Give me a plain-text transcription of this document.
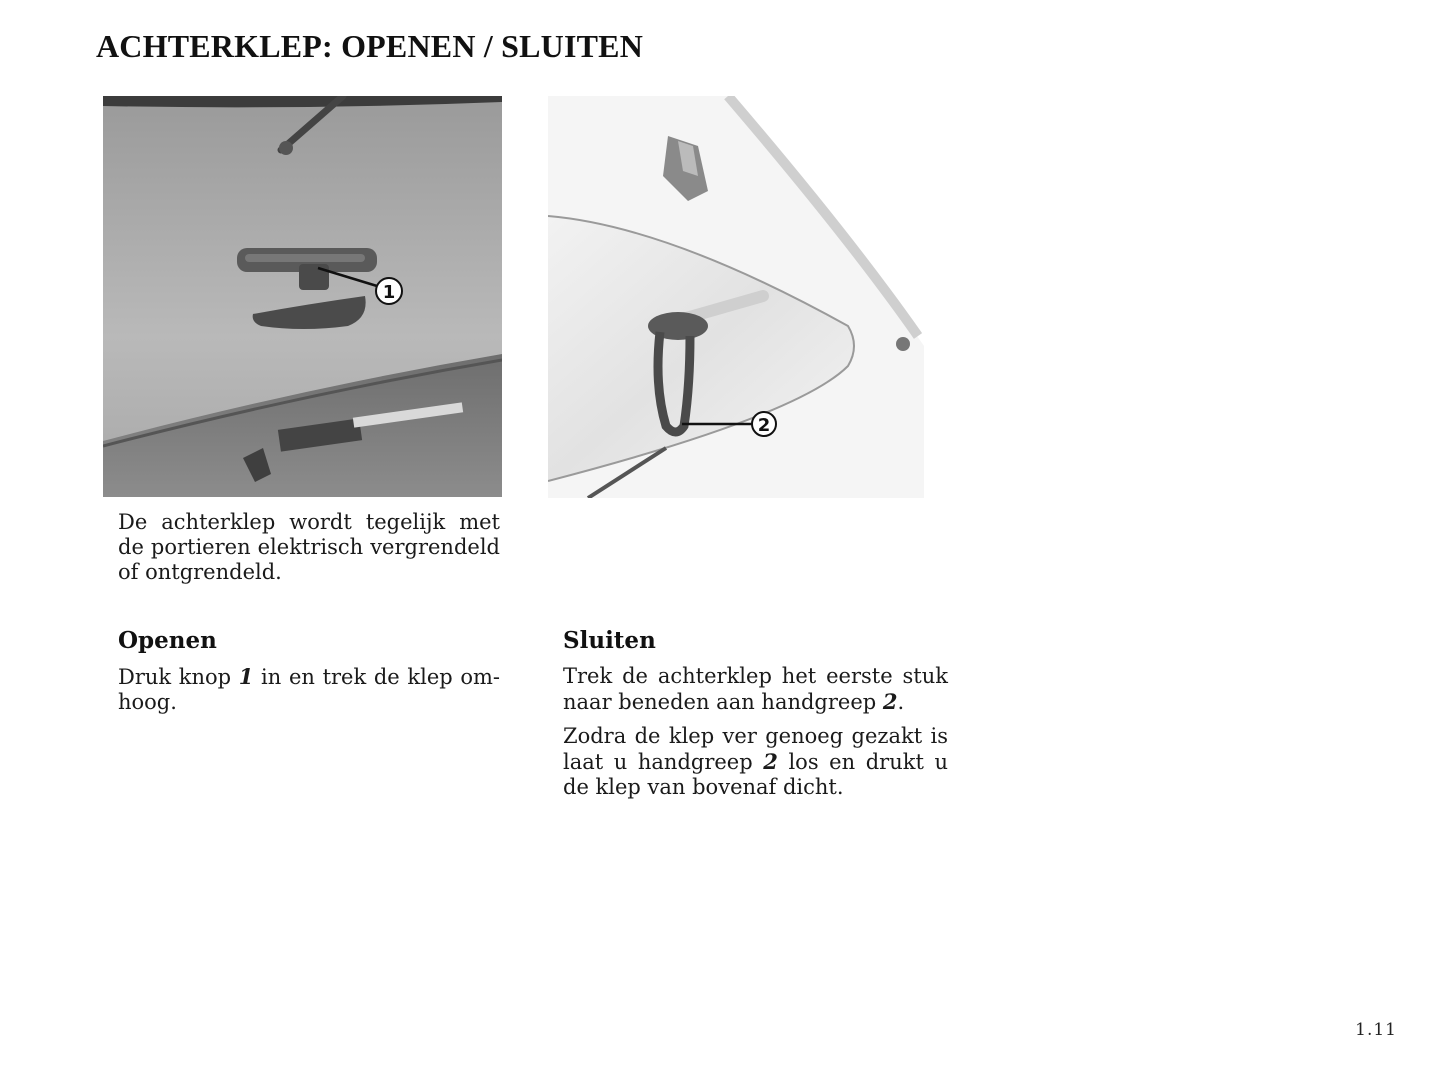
ACHTERKLEP: OPENEN / SLUITEN
1
2
De achterklep wordt tegelijk met de portieren elektrisch vergrendeld of ontgrendeld.
Openen
Druk knop 1 in en trek de klep om-hoog.
Sluiten
Trek de achterklep het eerste stuk naar beneden aan handgreep 2.
Zodra de klep ver genoeg gezakt is laat u handgreep 2 los en drukt u de klep van bovenaf dicht.
1.11
